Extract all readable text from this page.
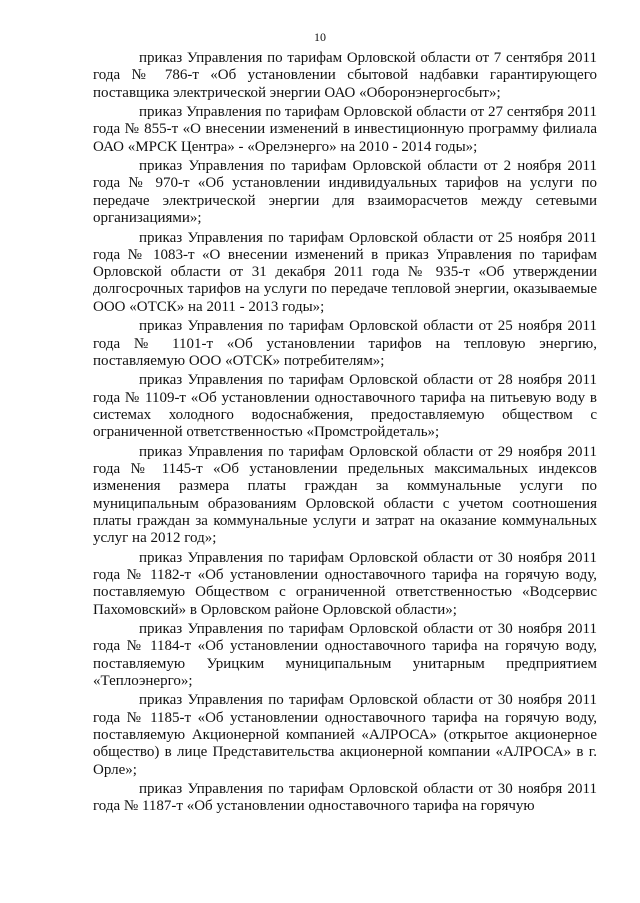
10

приказ Управления по тарифам Орловской области от 7 сентября 2011 года № 786-т «Об установлении сбытовой надбавки гарантирующего поставщика электрической энергии ОАО «Оборонэнергосбыт»;

приказ Управления по тарифам Орловской области от 27 сентября 2011 года № 855-т «О внесении изменений в инвестиционную программу филиала ОАО «МРСК Центра» - «Орелэнерго» на 2010 - 2014 годы»;

приказ Управления по тарифам Орловской области от 2 ноября 2011 года № 970-т «Об установлении индивидуальных тарифов на услуги по передаче электрической энергии для взаиморасчетов между сетевыми организациями»;

приказ Управления по тарифам Орловской области от 25 ноября 2011 года № 1083-т «О внесении изменений в приказ Управления по тарифам Орловской области от 31 декабря 2011 года № 935-т «Об утверждении долгосрочных тарифов на услуги по передаче тепловой энергии, оказываемые ООО «ОТСК» на 2011 - 2013 годы»;

приказ Управления по тарифам Орловской области от 25 ноября 2011 года № 1101-т «Об установлении тарифов на тепловую энергию, поставляемую ООО «ОТСК» потребителям»;

приказ Управления по тарифам Орловской области от 28 ноября 2011 года № 1109-т «Об установлении одноставочного тарифа на питьевую воду в системах холодного водоснабжения, предоставляемую обществом с ограниченной ответственностью «Промстройдеталь»;

приказ Управления по тарифам Орловской области от 29 ноября 2011 года № 1145-т «Об установлении предельных максимальных индексов изменения размера платы граждан за коммунальные услуги по муниципальным образованиям Орловской области с учетом соотношения платы граждан за коммунальные услуги и затрат на оказание коммунальных услуг на 2012 год»;

приказ Управления по тарифам Орловской области от 30 ноября 2011 года № 1182-т «Об установлении одноставочного тарифа на горячую воду, поставляемую Обществом с ограниченной ответственностью «Водсервис Пахомовский» в Орловском районе Орловской области»;

приказ Управления по тарифам Орловской области от 30 ноября 2011 года № 1184-т «Об установлении одноставочного тарифа на горячую воду, поставляемую Урицким муниципальным унитарным предприятием «Теплоэнерго»;

приказ Управления по тарифам Орловской области от 30 ноября 2011 года № 1185-т «Об установлении одноставочного тарифа на горячую воду, поставляемую Акционерной компанией «АЛРОСА» (открытое акционерное общество) в лице Представительства акционерной компании «АЛРОСА» в г. Орле»;

приказ Управления по тарифам Орловской области от 30 ноября 2011 года № 1187-т «Об установлении одноставочного тарифа на горячую
